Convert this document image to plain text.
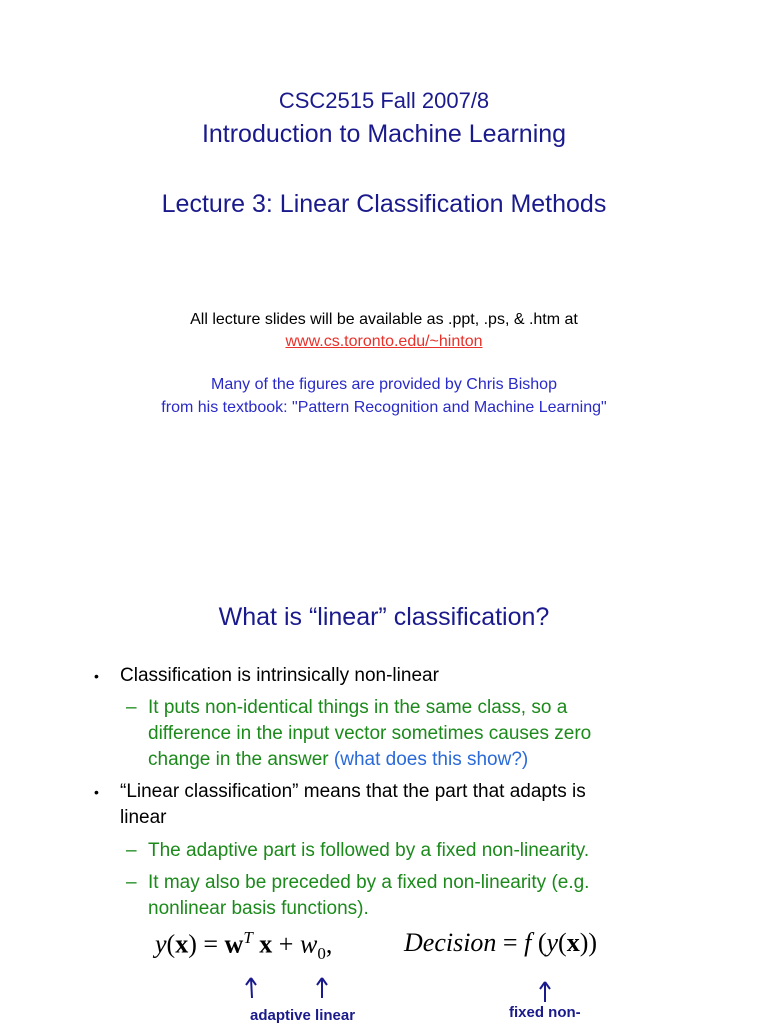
CSC2515 Fall 2007/8
Introduction to Machine Learning
Lecture 3: Linear Classification Methods
All lecture slides will be available as .ppt, .ps, & .htm at
www.cs.toronto.edu/~hinton
Many of the figures are provided by Chris Bishop
from his textbook: "Pattern Recognition and Machine Learning"
What is “linear” classification?
• Classification is intrinsically non-linear
– It puts non-identical things in the same class, so a
difference in the input vector sometimes causes zero
change in the answer (what does this show?)
• “Linear classification” means that the part that adapts is
linear
– The adaptive part is followed by a fixed non-linearity.
– It may also be preceded by a fixed non-linearity (e.g.
nonlinear basis functions).
$y(x) = w^T$ $x + w_0$,	Decision = f (y(x))
adaptive linear	fixed non-
